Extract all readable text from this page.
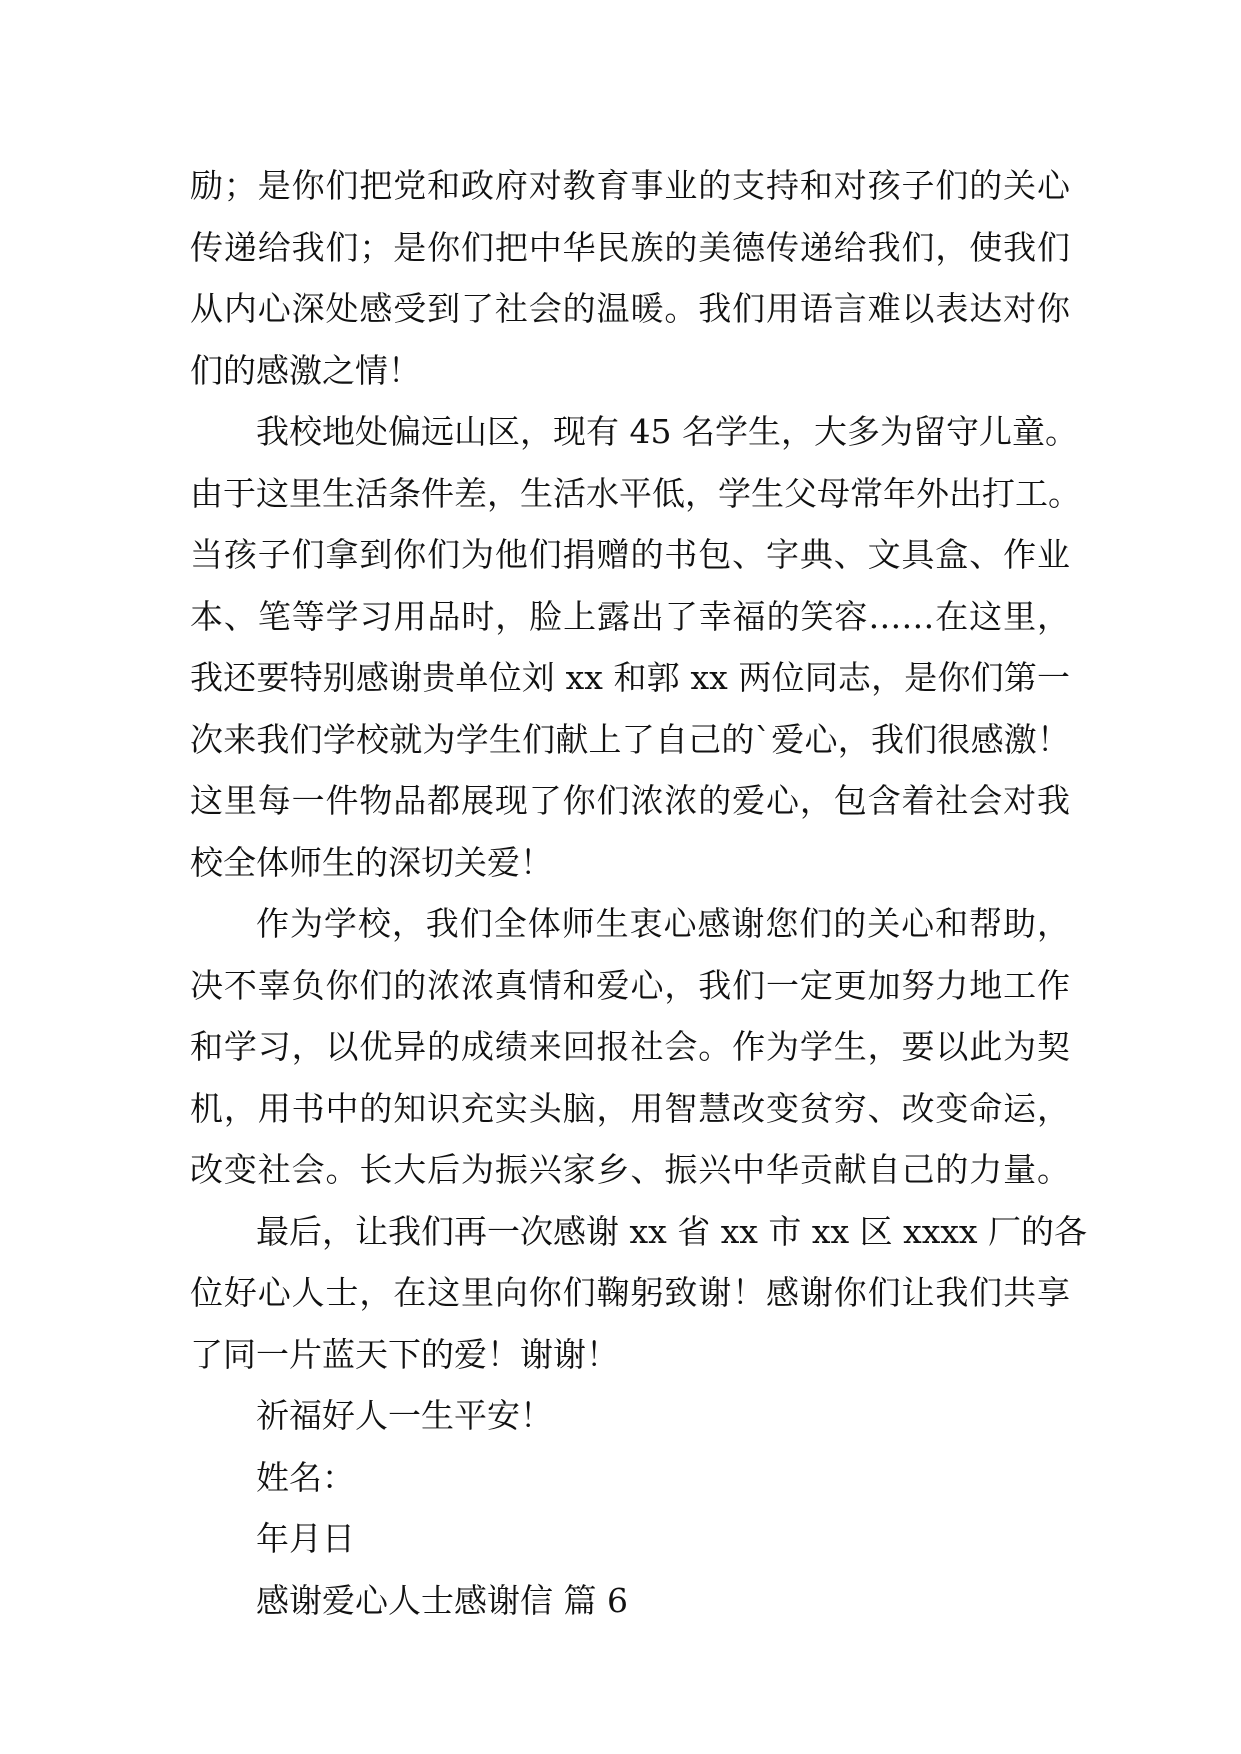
励；是你们把党和政府对教育事业的支持和对孩子们的关心
传递给我们；是你们把中华民族的美德传递给我们，使我们
从内心深处感受到了社会的温暖。我们用语言难以表达对你
们的感激之情！
我校地处偏远山区，现有 45 名学生，大多为留守儿童。
由于这里生活条件差，生活水平低，学生父母常年外出打工。
当孩子们拿到你们为他们捐赠的书包、字典、文具盒、作业
本、笔等学习用品时，脸上露出了幸福的笑容……在这里，
我还要特别感谢贵单位刘 xx 和郭 xx 两位同志，是你们第一
次来我们学校就为学生们献上了自己的`爱心，我们很感激！
这里每一件物品都展现了你们浓浓的爱心，包含着社会对我
校全体师生的深切关爱！
作为学校，我们全体师生衷心感谢您们的关心和帮助，
决不辜负你们的浓浓真情和爱心，我们一定更加努力地工作
和学习，以优异的成绩来回报社会。作为学生，要以此为契
机，用书中的知识充实头脑，用智慧改变贫穷、改变命运，
改变社会。长大后为振兴家乡、振兴中华贡献自己的力量。
最后，让我们再一次感谢 xx 省 xx 市 xx 区 xxxx 厂的各
位好心人士，在这里向你们鞠躬致谢！感谢你们让我们共享
了同一片蓝天下的爱！谢谢！
祈福好人一生平安！
姓名：
年月日
感谢爱心人士感谢信 篇 6
